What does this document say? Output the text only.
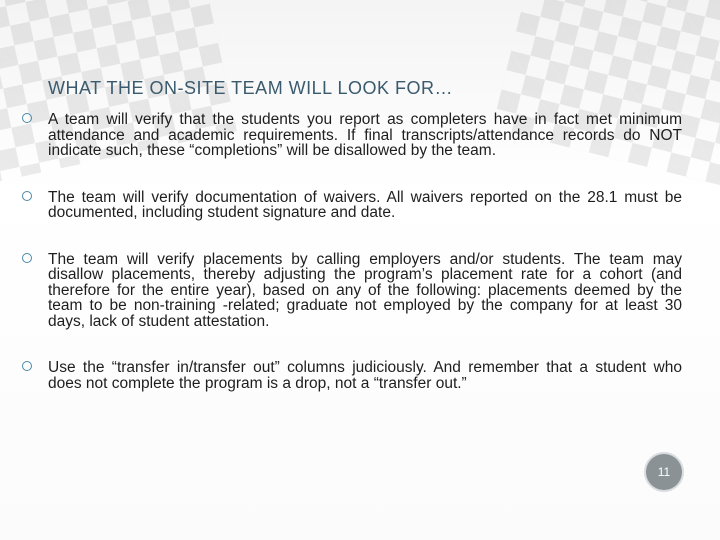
WHAT THE ON-SITE TEAM WILL LOOK FOR…
A team will verify that the students you report as completers have in fact met minimum attendance and academic requirements. If final transcripts/attendance records do NOT indicate such, these “completions” will be disallowed by the team.
The team will verify documentation of waivers. All waivers reported on the 28.1 must be documented, including student signature and date.
The team will verify placements by calling employers and/or students. The team may disallow placements, thereby adjusting the program’s placement rate for a cohort (and therefore for the entire year), based on any of the following: placements deemed by the team to be non-training -related; graduate not employed by the company for at least 30 days, lack of student attestation.
Use the “transfer in/transfer out” columns judiciously. And remember that a student who does not complete the program is a drop, not a “transfer out.”
11
